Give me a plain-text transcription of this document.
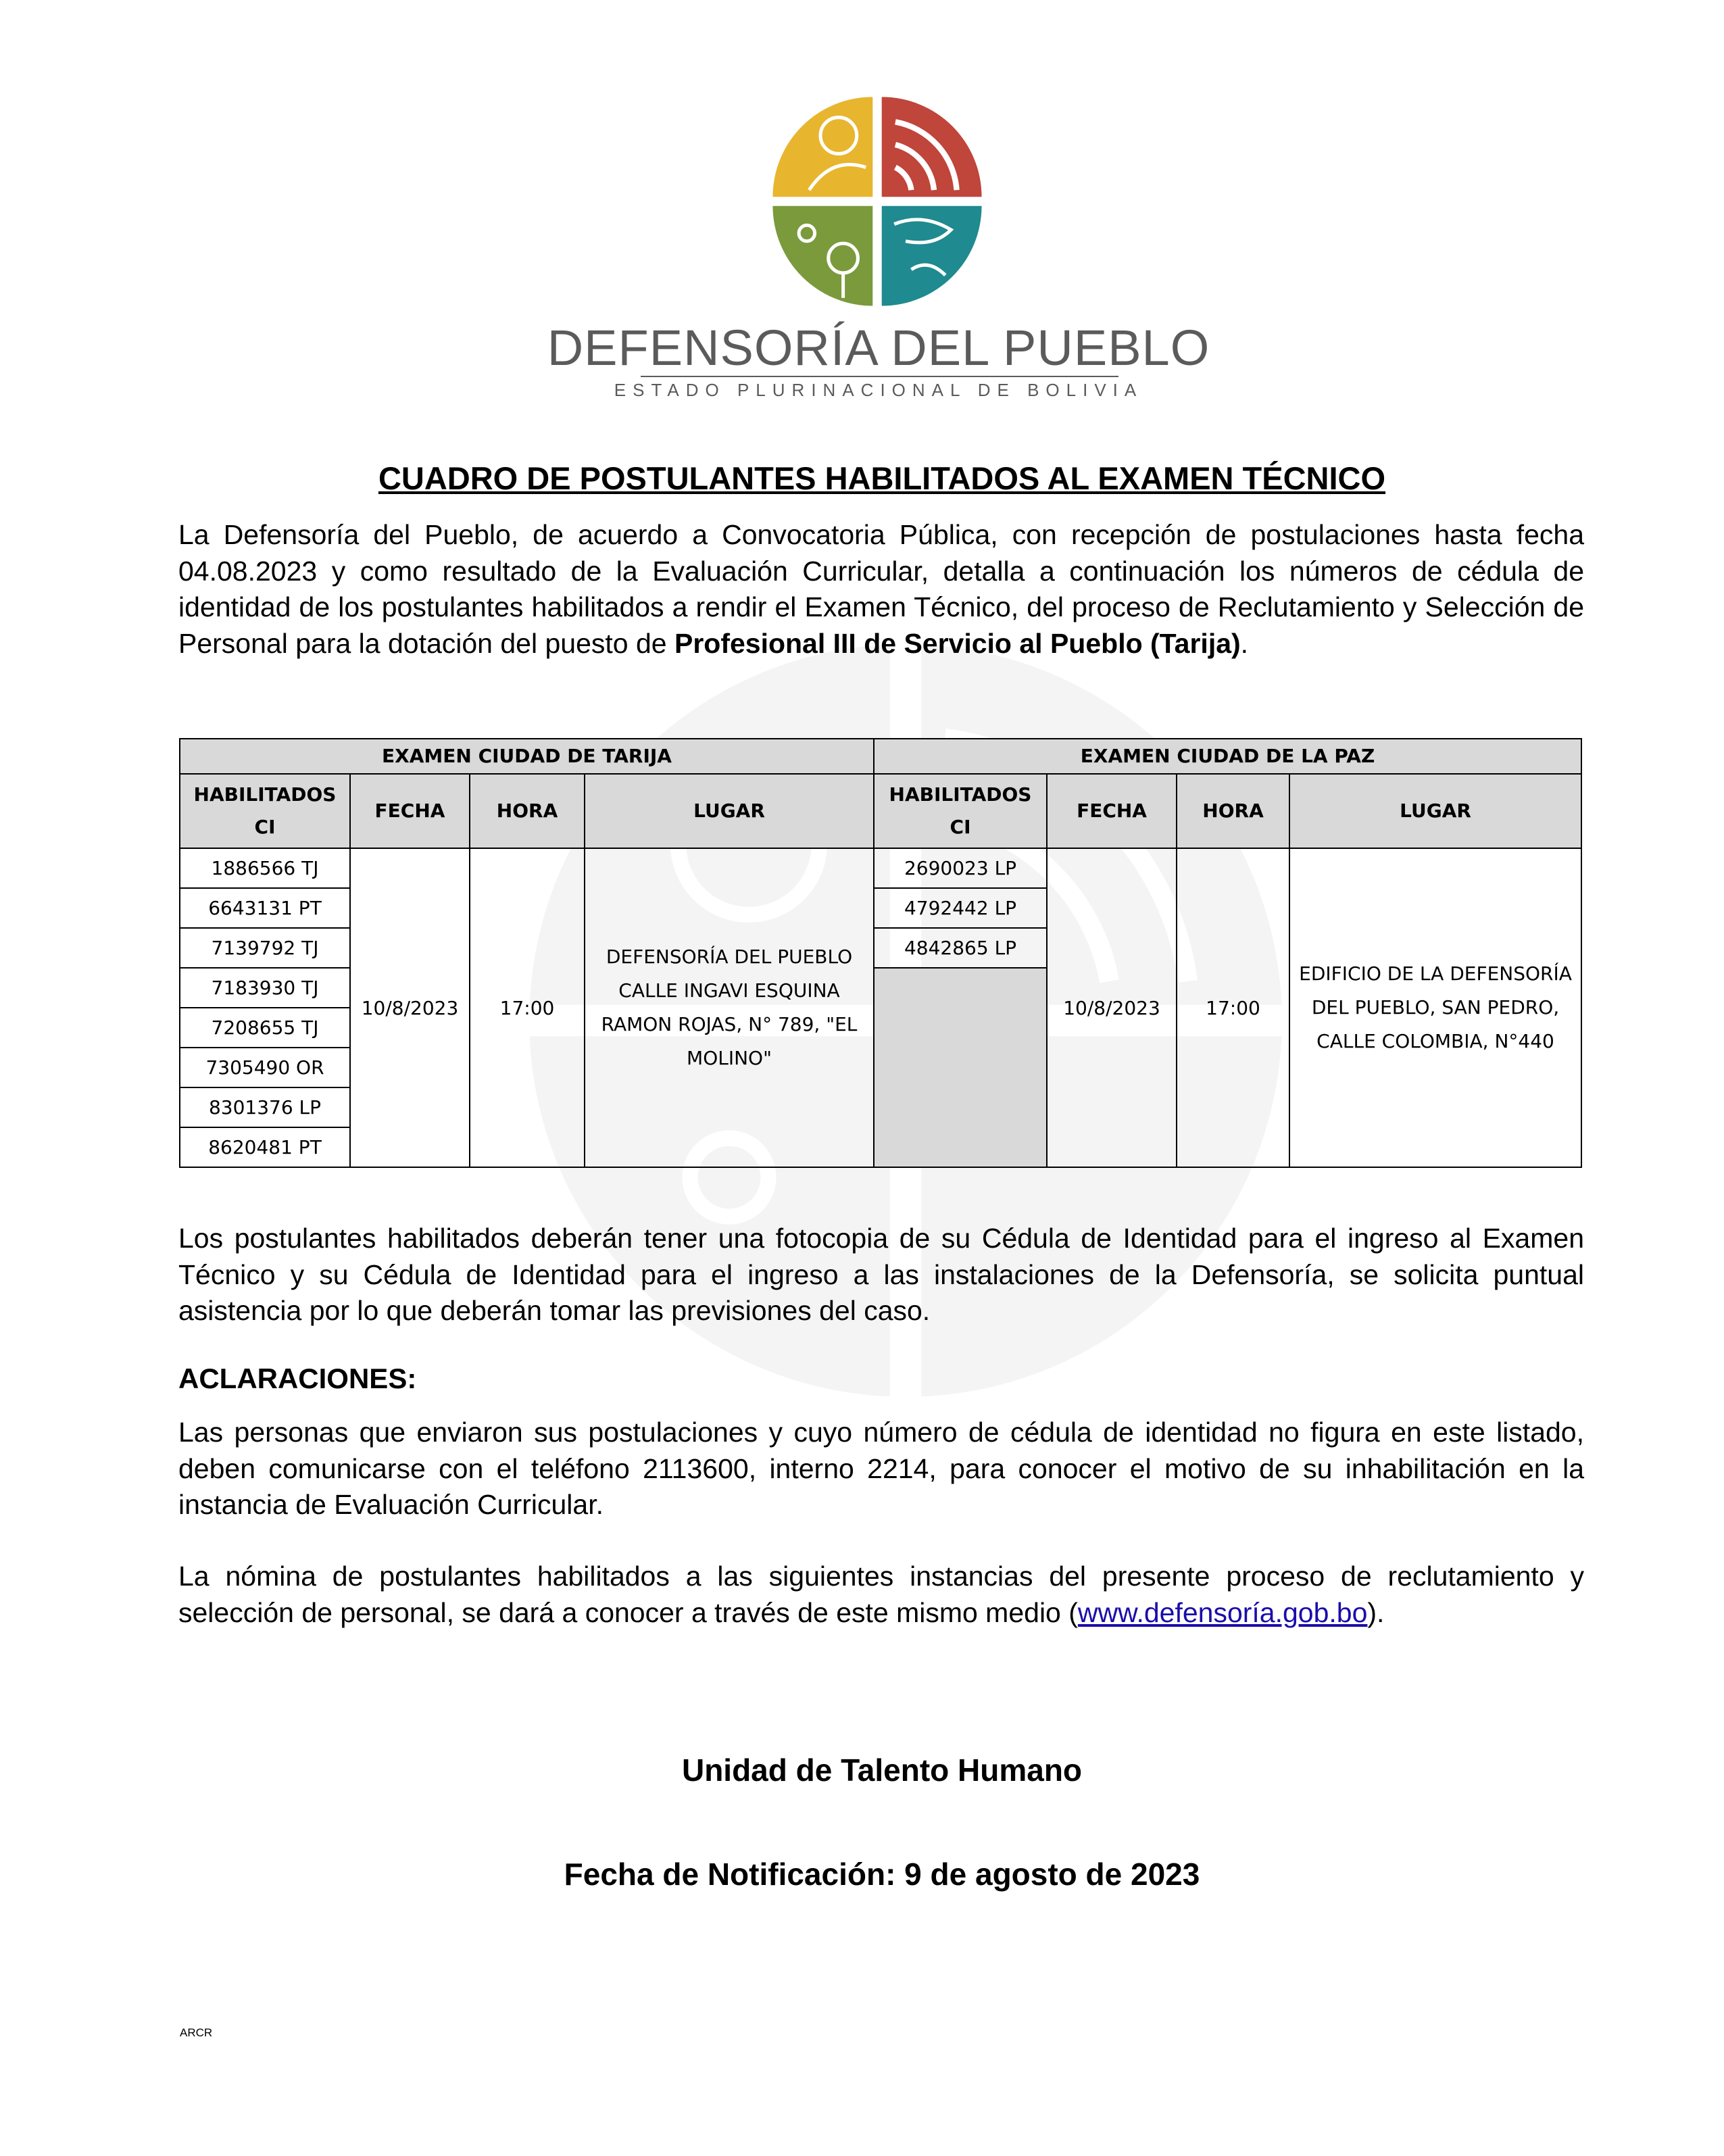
DEFENSORÍA DEL PUEBLO
ESTADO PLURINACIONAL DE BOLIVIA
CUADRO DE POSTULANTES HABILITADOS AL EXAMEN TÉCNICO

La Defensoría del Pueblo, de acuerdo a Convocatoria Pública, con recepción de postulaciones hasta fecha 04.08.2023 y como resultado de la Evaluación Curricular, detalla a continuación los números de cédula de identidad de los postulantes habilitados a rendir el Examen Técnico, del proceso de Reclutamiento y Selección de Personal para la dotación del puesto de Profesional III de Servicio al Pueblo (Tarija).

EXAMEN CIUDAD DE TARIJA				EXAMEN CIUDAD DE LA PAZ			
HABILITADOS CI	FECHA	HORA	LUGAR	HABILITADOS CI	FECHA	HORA	LUGAR
1886566 TJ	10/8/2023	17:00	DEFENSORÍA DEL PUEBLO CALLE INGAVI ESQUINA RAMON ROJAS, N° 789, "EL MOLINO"	2690023 LP	10/8/2023	17:00	EDIFICIO DE LA DEFENSORÍA DEL PUEBLO, SAN PEDRO, CALLE COLOMBIA, N°440
6643131 PT				4792442 LP			
7139792 TJ				4842865 LP			
7183930 TJ							
7208655 TJ							
7305490 OR							
8301376 LP							
8620481 PT							

Los postulantes habilitados deberán tener una fotocopia de su Cédula de Identidad para el ingreso al Examen Técnico y su Cédula de Identidad para el ingreso a las instalaciones de la Defensoría, se solicita puntual asistencia por lo que deberán tomar las previsiones del caso.

ACLARACIONES:

Las personas que enviaron sus postulaciones y cuyo número de cédula de identidad no figura en este listado, deben comunicarse con el teléfono 2113600, interno 2214, para conocer el motivo de su inhabilitación en la instancia de Evaluación Curricular.

La nómina de postulantes habilitados a las siguientes instancias del presente proceso de reclutamiento y selección de personal, se dará a conocer a través de este mismo medio (www.defensoría.gob.bo).

Unidad de Talento Humano
Fecha de Notificación: 9 de agosto de 2023
ARCR
